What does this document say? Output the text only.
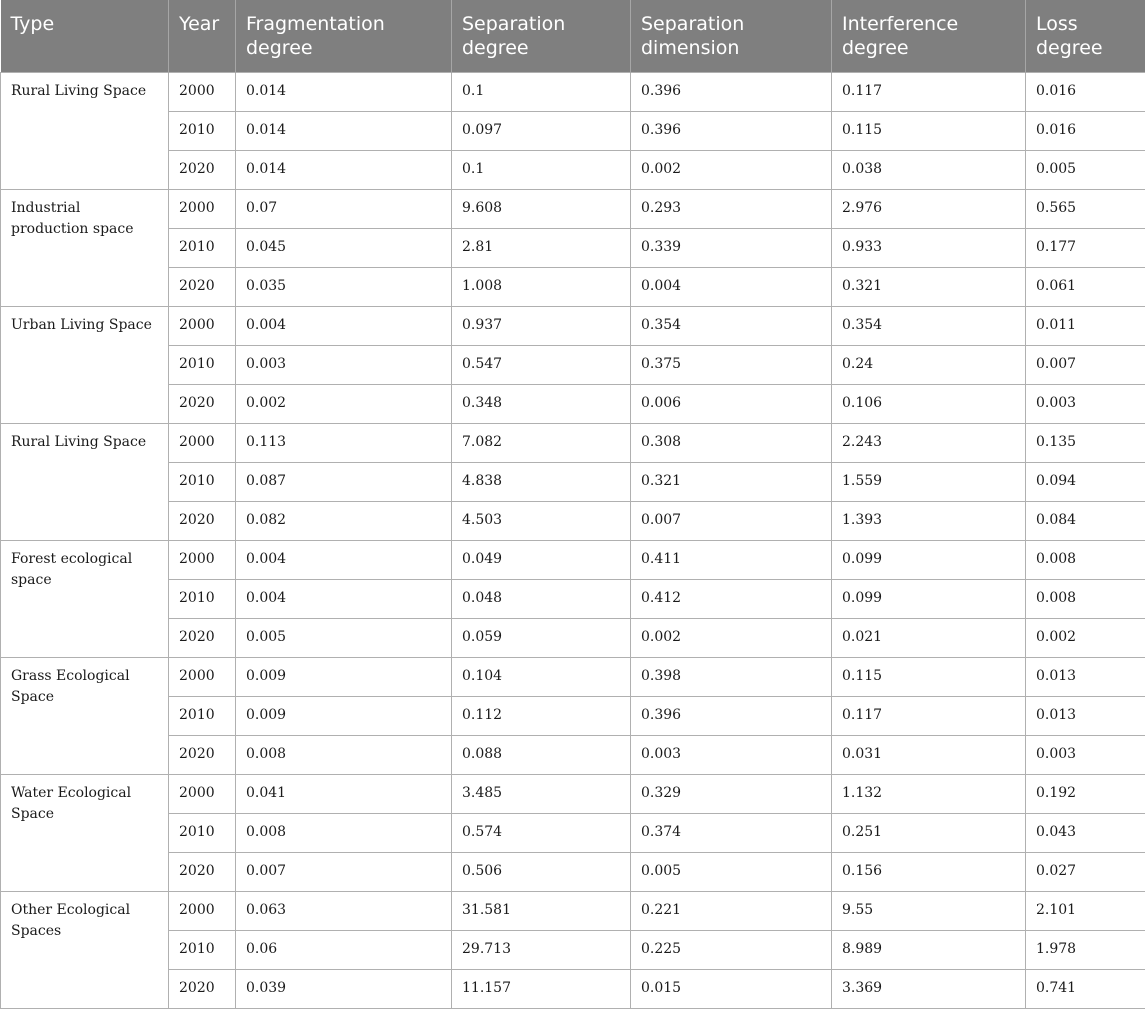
Type	Year	Fragmentation degree	Separation degree	Separation dimension	Interference degree	Loss degree
Rural Living Space	2000	0.014	0.1	0.396	0.117	0.016
	2010	0.014	0.097	0.396	0.115	0.016
	2020	0.014	0.1	0.002	0.038	0.005
Industrial production space	2000	0.07	9.608	0.293	2.976	0.565
	2010	0.045	2.81	0.339	0.933	0.177
	2020	0.035	1.008	0.004	0.321	0.061
Urban Living Space	2000	0.004	0.937	0.354	0.354	0.011
	2010	0.003	0.547	0.375	0.24	0.007
	2020	0.002	0.348	0.006	0.106	0.003
Rural Living Space	2000	0.113	7.082	0.308	2.243	0.135
	2010	0.087	4.838	0.321	1.559	0.094
	2020	0.082	4.503	0.007	1.393	0.084
Forest ecological space	2000	0.004	0.049	0.411	0.099	0.008
	2010	0.004	0.048	0.412	0.099	0.008
	2020	0.005	0.059	0.002	0.021	0.002
Grass Ecological Space	2000	0.009	0.104	0.398	0.115	0.013
	2010	0.009	0.112	0.396	0.117	0.013
	2020	0.008	0.088	0.003	0.031	0.003
Water Ecological Space	2000	0.041	3.485	0.329	1.132	0.192
	2010	0.008	0.574	0.374	0.251	0.043
	2020	0.007	0.506	0.005	0.156	0.027
Other Ecological Spaces	2000	0.063	31.581	0.221	9.55	2.101
	2010	0.06	29.713	0.225	8.989	1.978
	2020	0.039	11.157	0.015	3.369	0.741
